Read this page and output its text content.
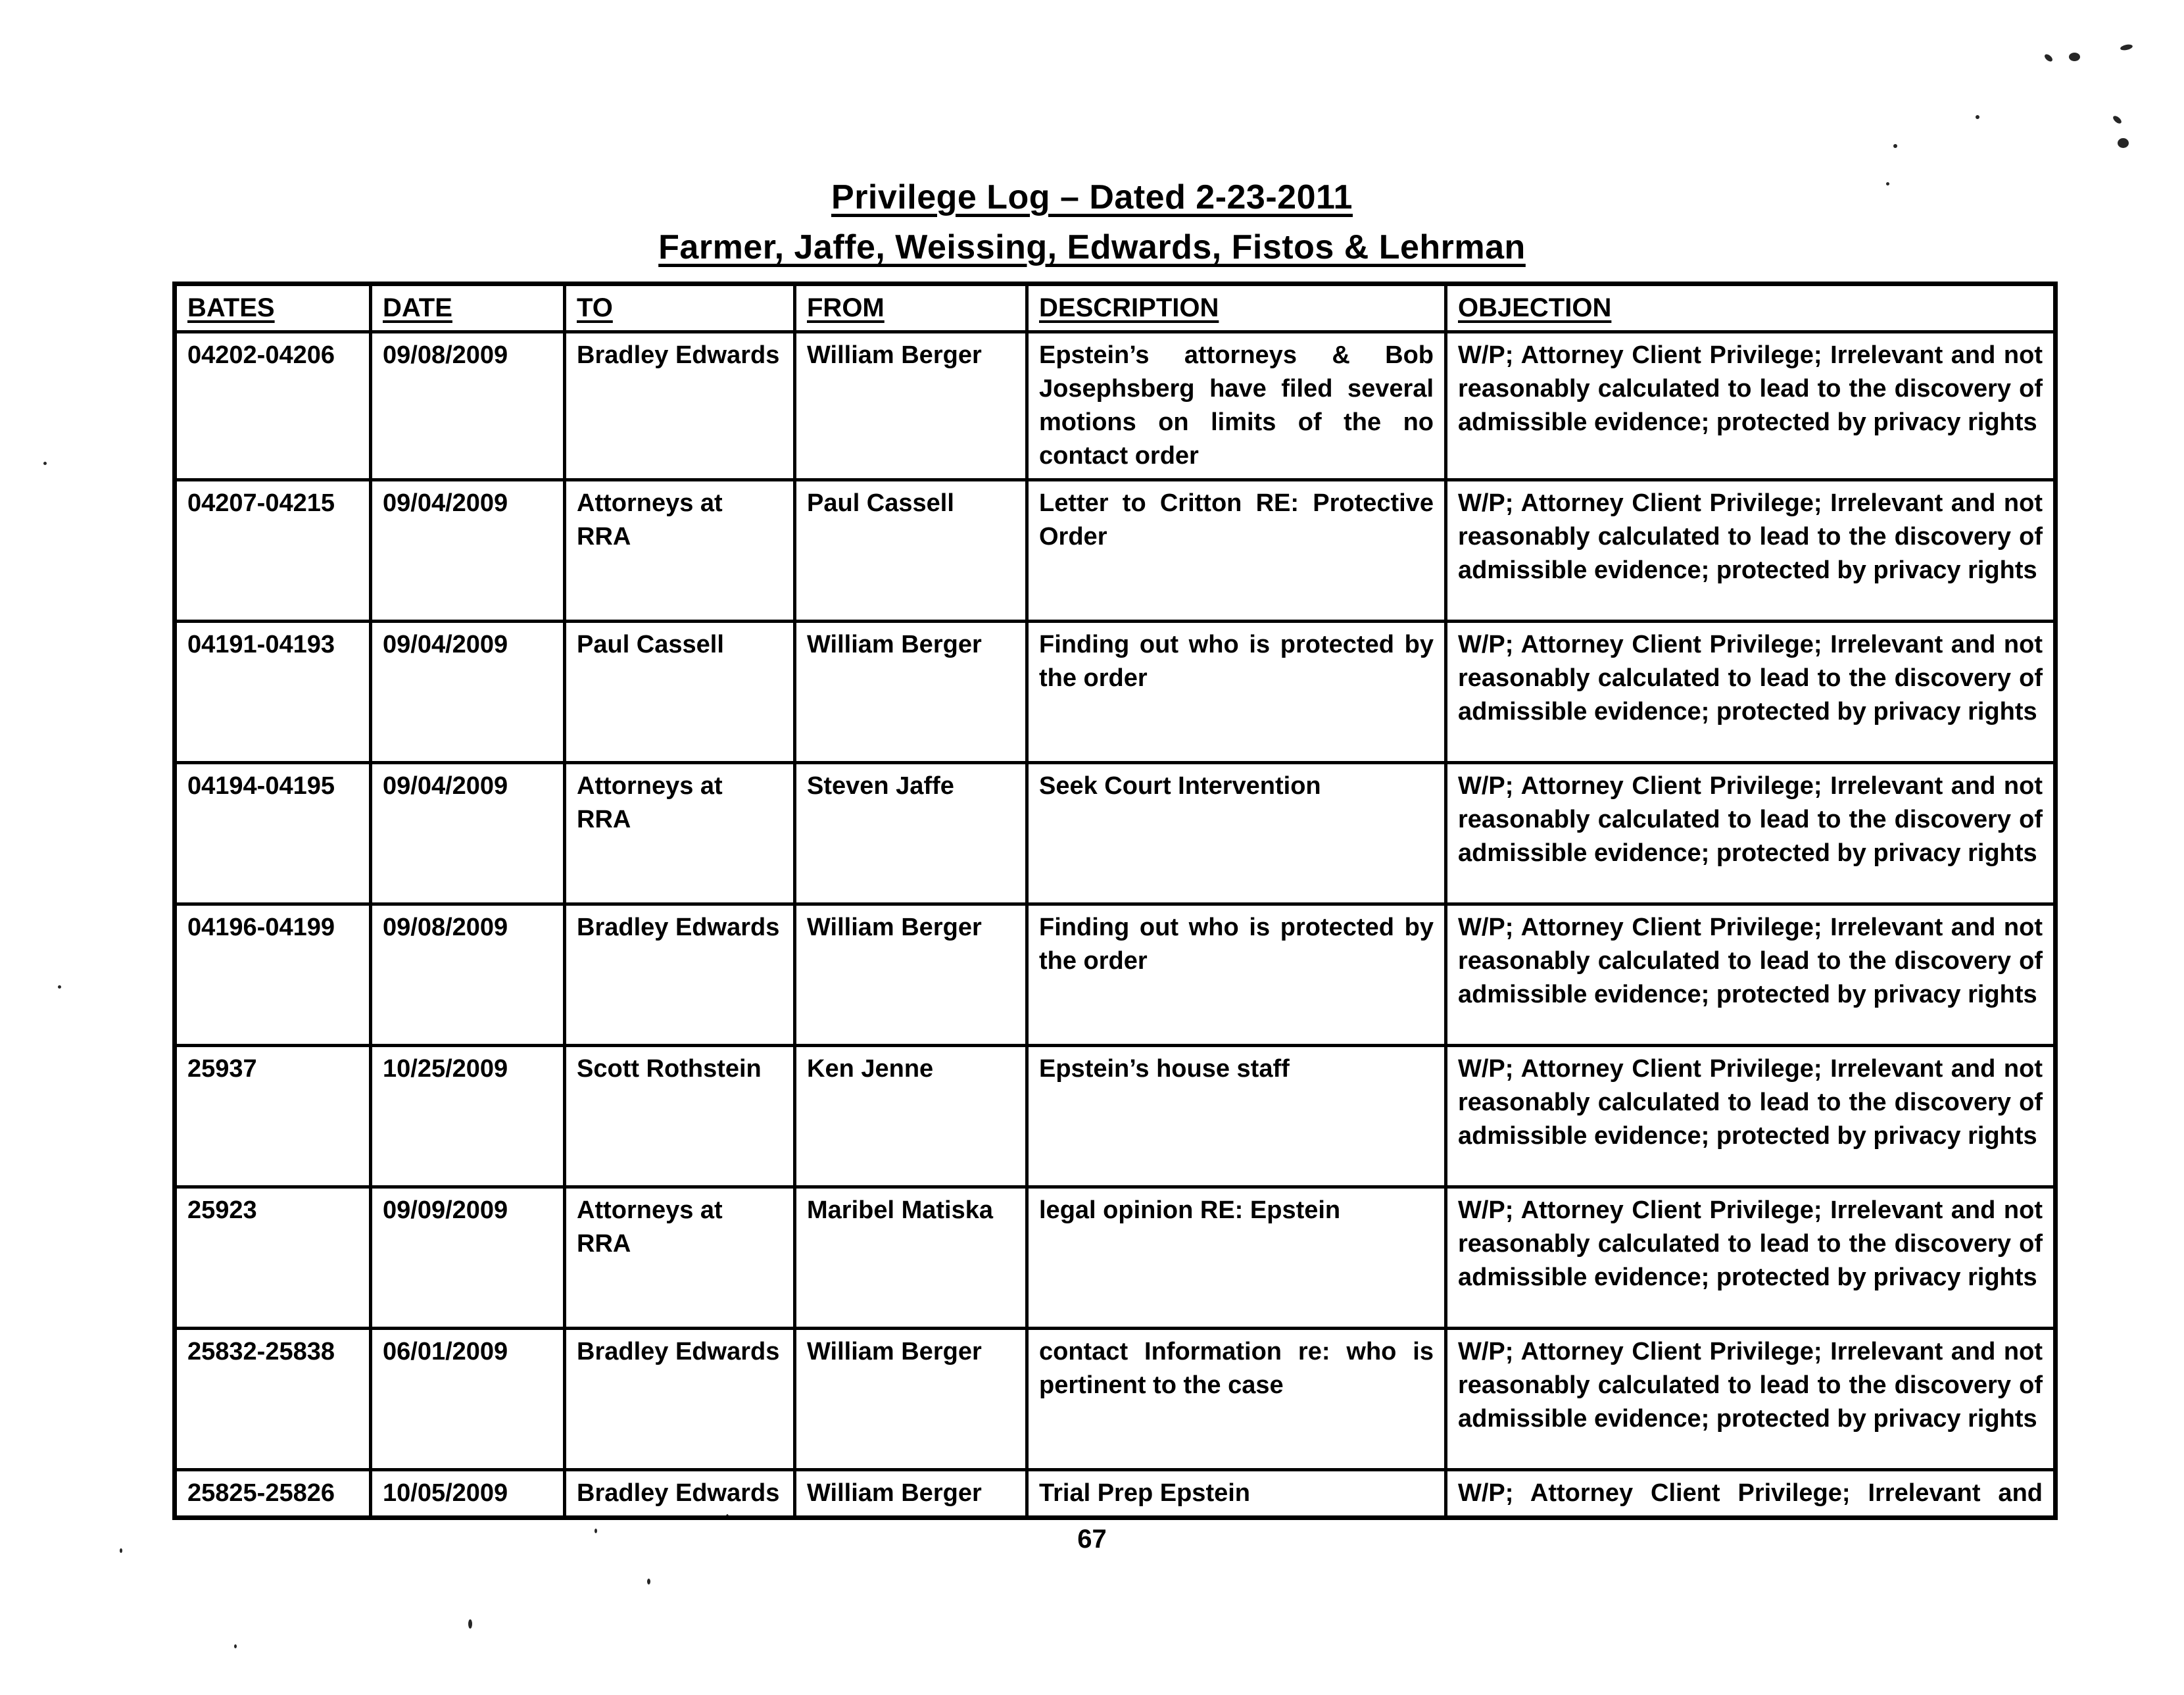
Privilege Log – Dated 2-23-2011
Farmer, Jaffe, Weissing, Edwards, Fistos & Lehrman
BATES	DATE	TO	FROM	DESCRIPTION	OBJECTION
04202-04206	09/08/2009	Bradley Edwards	William Berger	Epstein’s attorneys & Bob Josephsberg have filed several motions on limits of the no contact order	W/P; Attorney Client Privilege; Irrelevant and not reasonably calculated to lead to the discovery of admissible evidence; protected by privacy rights
04207-04215	09/04/2009	Attorneys at RRA	Paul Cassell	Letter to Critton RE: Protective Order	W/P; Attorney Client Privilege; Irrelevant and not reasonably calculated to lead to the discovery of admissible evidence; protected by privacy rights
04191-04193	09/04/2009	Paul Cassell	William Berger	Finding out who is protected by the order	W/P; Attorney Client Privilege; Irrelevant and not reasonably calculated to lead to the discovery of admissible evidence; protected by privacy rights
04194-04195	09/04/2009	Attorneys at RRA	Steven Jaffe	Seek Court Intervention	W/P; Attorney Client Privilege; Irrelevant and not reasonably calculated to lead to the discovery of admissible evidence; protected by privacy rights
04196-04199	09/08/2009	Bradley Edwards	William Berger	Finding out who is protected by the order	W/P; Attorney Client Privilege; Irrelevant and not reasonably calculated to lead to the discovery of admissible evidence; protected by privacy rights
25937	10/25/2009	Scott Rothstein	Ken Jenne	Epstein’s house staff	W/P; Attorney Client Privilege; Irrelevant and not reasonably calculated to lead to the discovery of admissible evidence; protected by privacy rights
25923	09/09/2009	Attorneys at RRA	Maribel Matiska	legal opinion RE: Epstein	W/P; Attorney Client Privilege; Irrelevant and not reasonably calculated to lead to the discovery of admissible evidence; protected by privacy rights
25832-25838	06/01/2009	Bradley Edwards	William Berger	contact Information re: who is pertinent to the case	W/P; Attorney Client Privilege; Irrelevant and not reasonably calculated to lead to the discovery of admissible evidence; protected by privacy rights
25825-25826	10/05/2009	Bradley Edwards	William Berger	Trial Prep Epstein	W/P; Attorney Client Privilege; Irrelevant and
67
